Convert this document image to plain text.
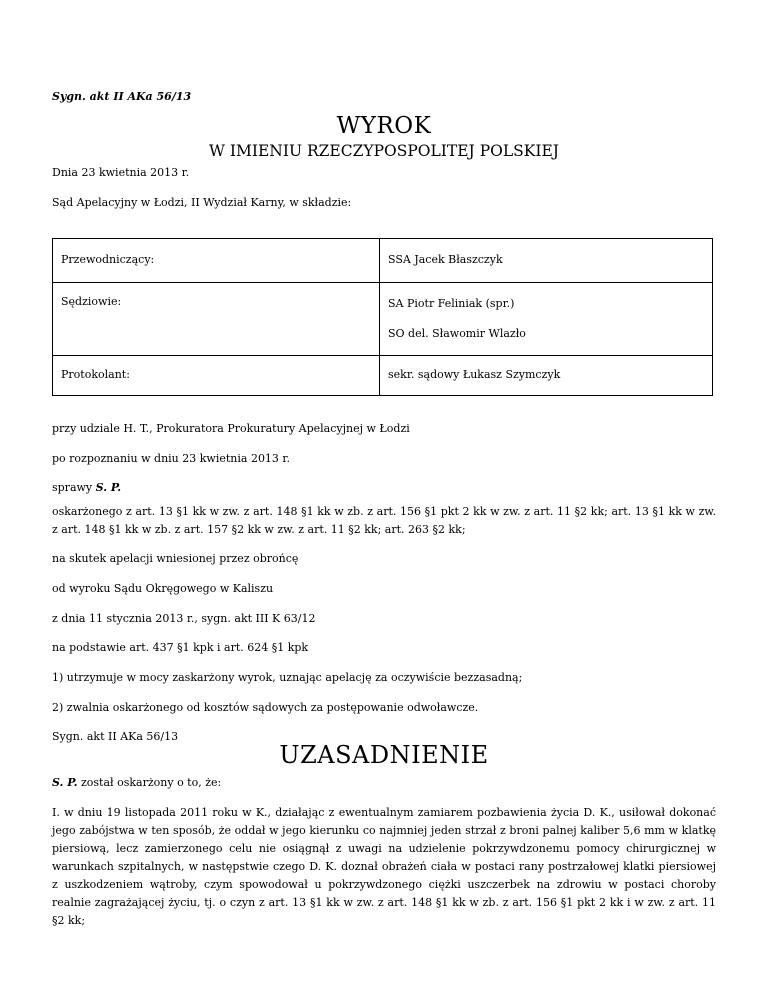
Sygn. akt II AKa 56/13
WYROK
W IMIENIU RZECZYPOSPOLITEJ POLSKIEJ
Dnia 23 kwietnia 2013 r.
Sąd Apelacyjny w Łodzi, II Wydział Karny, w składzie:
Przewodniczący:	SSA Jacek Błaszczyk
Sędziowie:	SA Piotr Feliniak (spr.)
SO del. Sławomir Wlazło

Protokolant:	sekr. sądowy Łukasz Szymczyk
przy udziale H. T., Prokuratora Prokuratury Apelacyjnej w Łodzi
po rozpoznaniu w dniu 23 kwietnia 2013 r.
sprawy S. P.
oskarżonego z art. 13 §1 kk w zw. z art. 148 §1 kk w zb. z art. 156 §1 pkt 2 kk w zw. z art. 11 §2 kk; art. 13 §1 kk w zw. z art. 148 §1 kk w zb. z art. 157 §2 kk w zw. z art. 11 §2 kk; art. 263 §2 kk;
na skutek apelacji wniesionej przez obrońcę
od wyroku Sądu Okręgowego w Kaliszu
z dnia 11 stycznia 2013 r., sygn. akt III K 63/12
na podstawie art. 437 §1 kpk i art. 624 §1 kpk
1) utrzymuje w mocy zaskarżony wyrok, uznając apelację za oczywiście bezzasadną;
2) zwalnia oskarżonego od kosztów sądowych za postępowanie odwoławcze.
Sygn. akt II AKa 56/13
UZASADNIENIE
S. P. został oskarżony o to, że:
I. w dniu 19 listopada 2011 roku w K., działając z ewentualnym zamiarem pozbawienia życia D. K., usiłował dokonać jego zabójstwa w ten sposób, że oddał w jego kierunku co najmniej jeden strzał z broni palnej kaliber 5,6 mm w klatkę piersiową, lecz zamierzonego celu nie osiągnął z uwagi na udzielenie pokrzywdzonemu pomocy chirurgicznej w warunkach szpitalnych, w następstwie czego D. K. doznał obrażeń ciała w postaci rany postrzałowej klatki piersiowej z uszkodzeniem wątroby, czym spowodował u pokrzywdzonego ciężki uszczerbek na zdrowiu w postaci choroby realnie zagrażającej życiu, tj. o czyn z art. 13 §1 kk w zw. z art. 148 §1 kk w zb. z art. 156 §1 pkt 2 kk i w zw. z art. 11 §2 kk;
